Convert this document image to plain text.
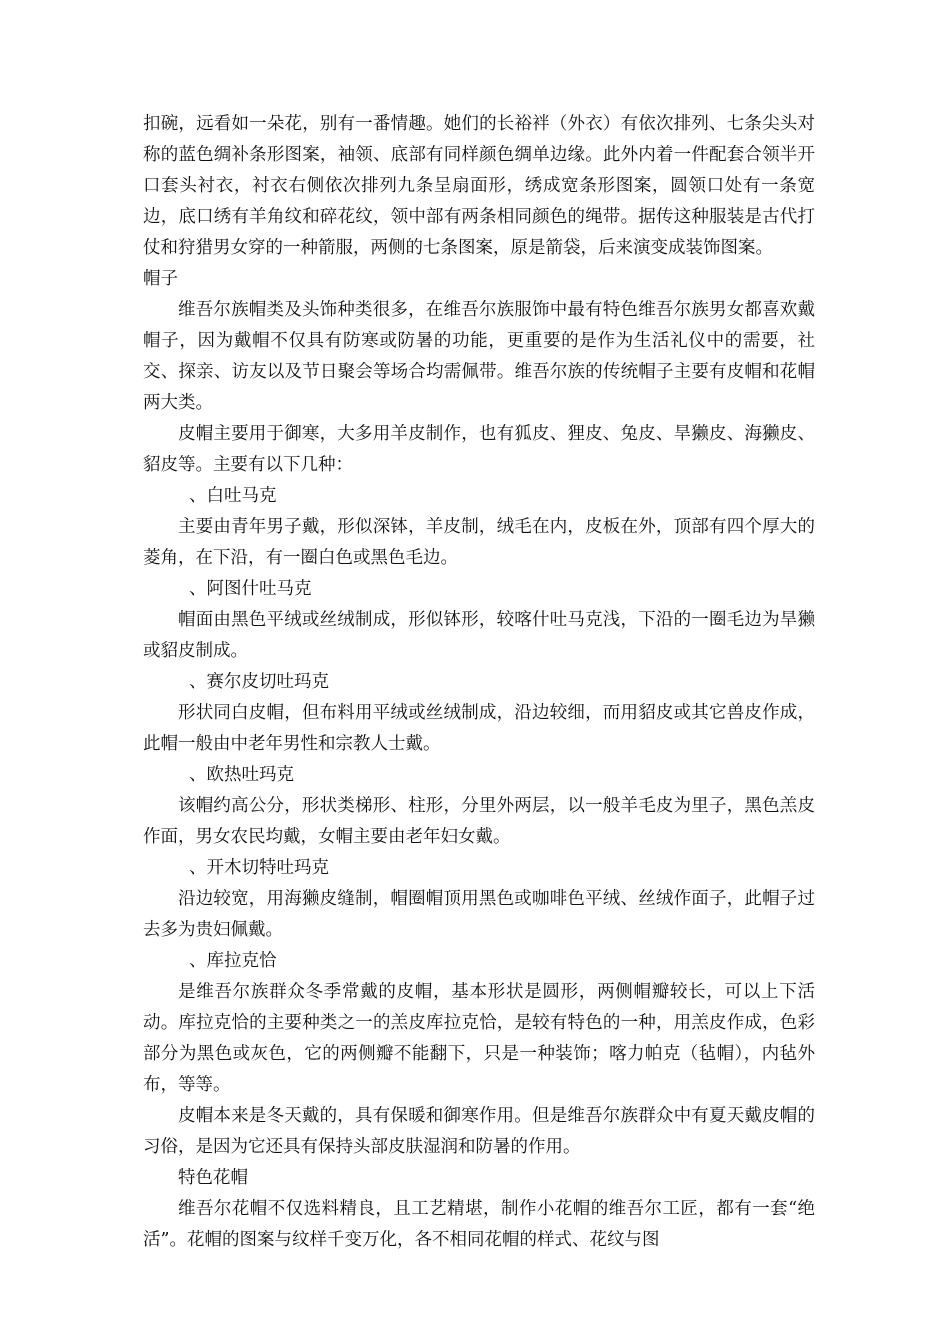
扣碗，远看如一朵花，别有一番情趣。她们的长裕袢（外衣）有依次排列、七条尖头对称的蓝色绸补条形图案，袖领、底部有同样颜色绸单边缘。此外内着一件配套合领半开口套头衬衣，衬衣右侧依次排列九条呈扇面形，绣成宽条形图案，圆领口处有一条宽边，底口绣有羊角纹和碎花纹，领中部有两条相同颜色的绳带。据传这种服装是古代打仗和狩猎男女穿的一种箭服，两侧的七条图案，原是箭袋，后来演变成装饰图案。

帽子

维吾尔族帽类及头饰种类很多，在维吾尔族服饰中最有特色维吾尔族男女都喜欢戴帽子，因为戴帽不仅具有防寒或防暑的功能，更重要的是作为生活礼仪中的需要，社交、探亲、访友以及节日聚会等场合均需佩带。维吾尔族的传统帽子主要有皮帽和花帽两大类。

皮帽主要用于御寒，大多用羊皮制作，也有狐皮、狸皮、兔皮、旱獭皮、海獭皮、貂皮等。主要有以下几种：

、白吐马克

主要由青年男子戴，形似深钵，羊皮制，绒毛在内，皮板在外，顶部有四个厚大的菱角，在下沿，有一圈白色或黑色毛边。

、阿图什吐马克

帽面由黑色平绒或丝绒制成，形似钵形，较喀什吐马克浅，下沿的一圈毛边为旱獭或貂皮制成。

、赛尔皮切吐玛克

形状同白皮帽，但布料用平绒或丝绒制成，沿边较细，而用貂皮或其它兽皮作成，此帽一般由中老年男性和宗教人士戴。

、欧热吐玛克

该帽约高公分，形状类梯形、柱形，分里外两层，以一般羊毛皮为里子，黑色羔皮作面，男女农民均戴，女帽主要由老年妇女戴。

、开木切特吐玛克

沿边较宽，用海獭皮缝制，帽圈帽顶用黑色或咖啡色平绒、丝绒作面子，此帽子过去多为贵妇佩戴。

、库拉克恰

是维吾尔族群众冬季常戴的皮帽，基本形状是圆形，两侧帽瓣较长，可以上下活动。库拉克恰的主要种类之一的羔皮库拉克恰，是较有特色的一种，用羔皮作成，色彩部分为黑色或灰色，它的两侧瓣不能翻下，只是一种装饰；喀力帕克（毡帽），内毡外布，等等。

皮帽本来是冬天戴的，具有保暖和御寒作用。但是维吾尔族群众中有夏天戴皮帽的习俗，是因为它还具有保持头部皮肤湿润和防暑的作用。

特色花帽

维吾尔花帽不仅选料精良，且工艺精堪，制作小花帽的维吾尔工匠，都有一套“绝活”。花帽的图案与纹样千变万化，各不相同花帽的样式、花纹与图
